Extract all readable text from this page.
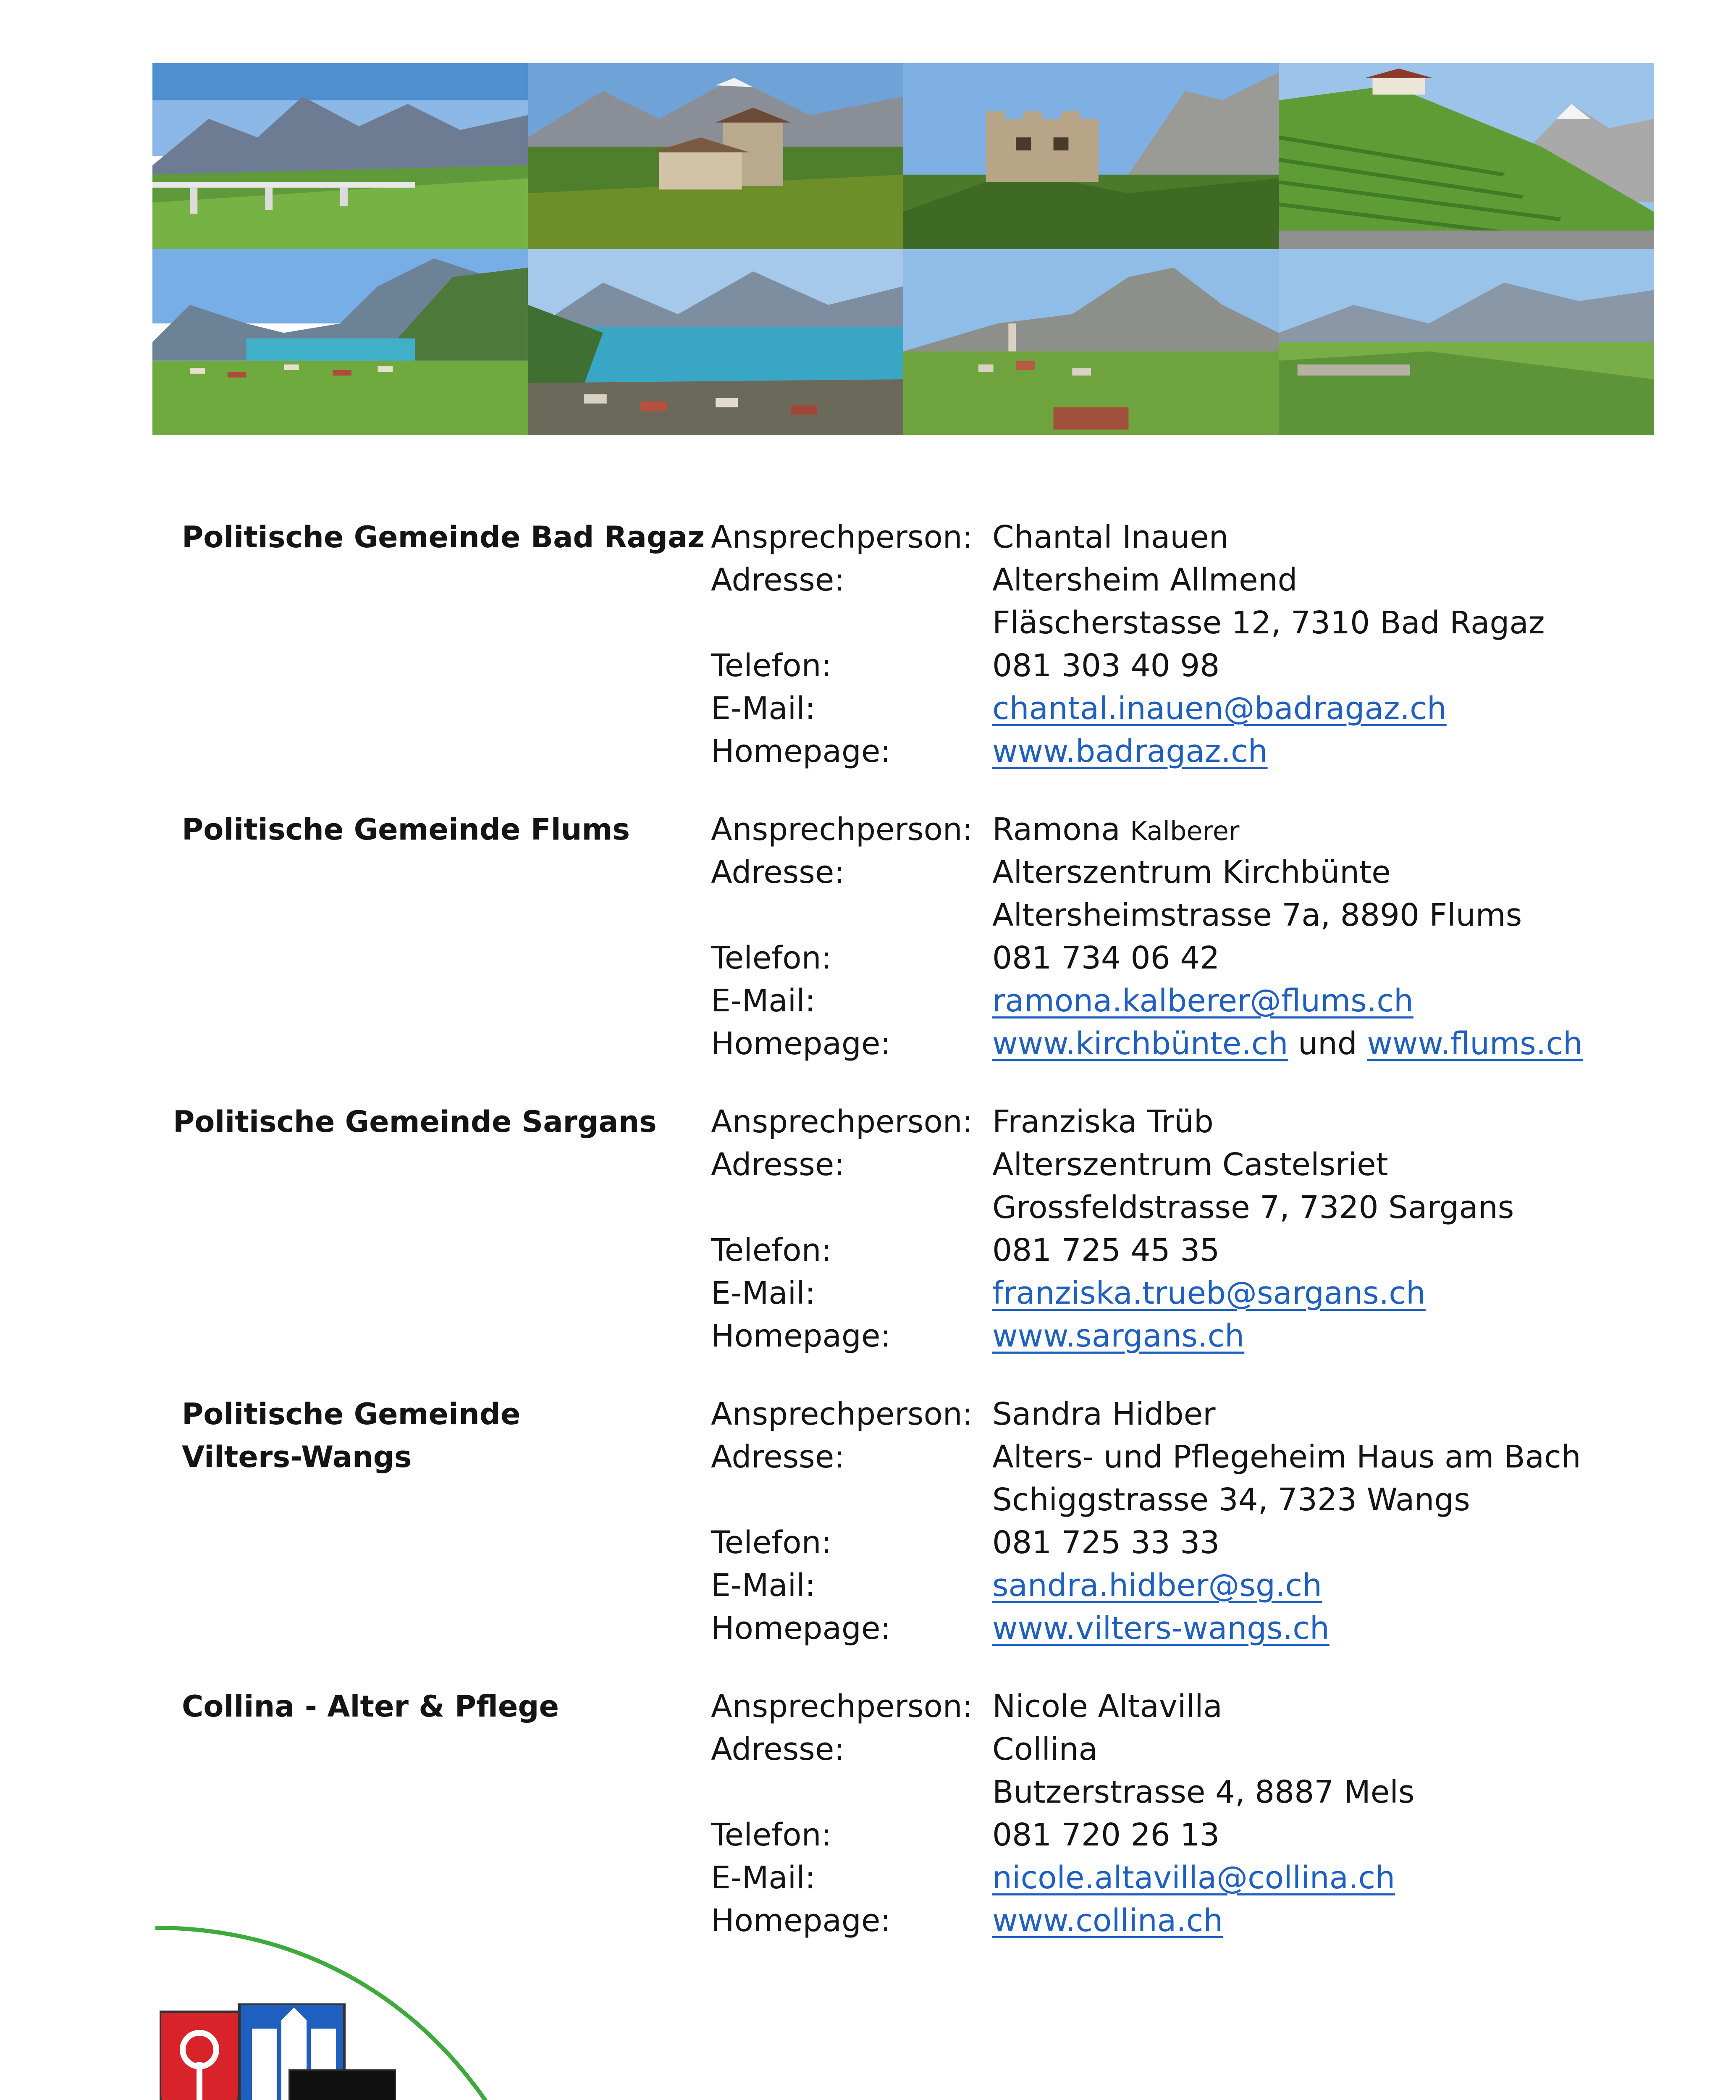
Politische Gemeinde Bad Ragaz Ansprechperson:
Adresse:
Telefon:
E-Mail:
Homepage:
Chantal Inauen
Altersheim Allmend
Fläscherstasse 12, 7310 Bad Ragaz
081 303 40 98
chantal.inauen@badragaz.ch
www.badragaz.ch
Politische Gemeinde Flums	Ansprechperson:
Adresse:
Telefon:
E-Mail:
Homepage:
Ramona Kalberer
Alterszentrum Kirchbünte
Altersheimstrasse 7a, 8890 Flums
081 734 06 42
ramona.kalberer@flums.ch
www.kirchbünte.ch und www.flums.ch
Politische Gemeinde Sargans Ansprechperson:
Adresse:
Telefon:
E-Mail:
Homepage:
Franziska Trüb
Alterszentrum Castelsriet
Grossfeldstrasse 7, 7320 Sargans
081 725 45 35
franziska.trueb@sargans.ch
www.sargans.ch
Politische Gemeinde
Vilters-Wangs
Ansprechperson:
Adresse:
Telefon:
E-Mail:
Homepage:
Sandra Hidber
Alters- und Pflegeheim Haus am Bach
Schiggstrasse 34, 7323 Wangs
081 725 33 33
sandra.hidber@sg.ch
www.vilters-wangs.ch
Collina - Alter & Pflege	Ansprechperson:
Adresse:
Telefon:
E-Mail:
Homepage:
Nicole Altavilla
Collina
Butzerstrasse 4, 8887 Mels
081 720 26 13
nicole.altavilla@collina.ch
www.collina.ch
